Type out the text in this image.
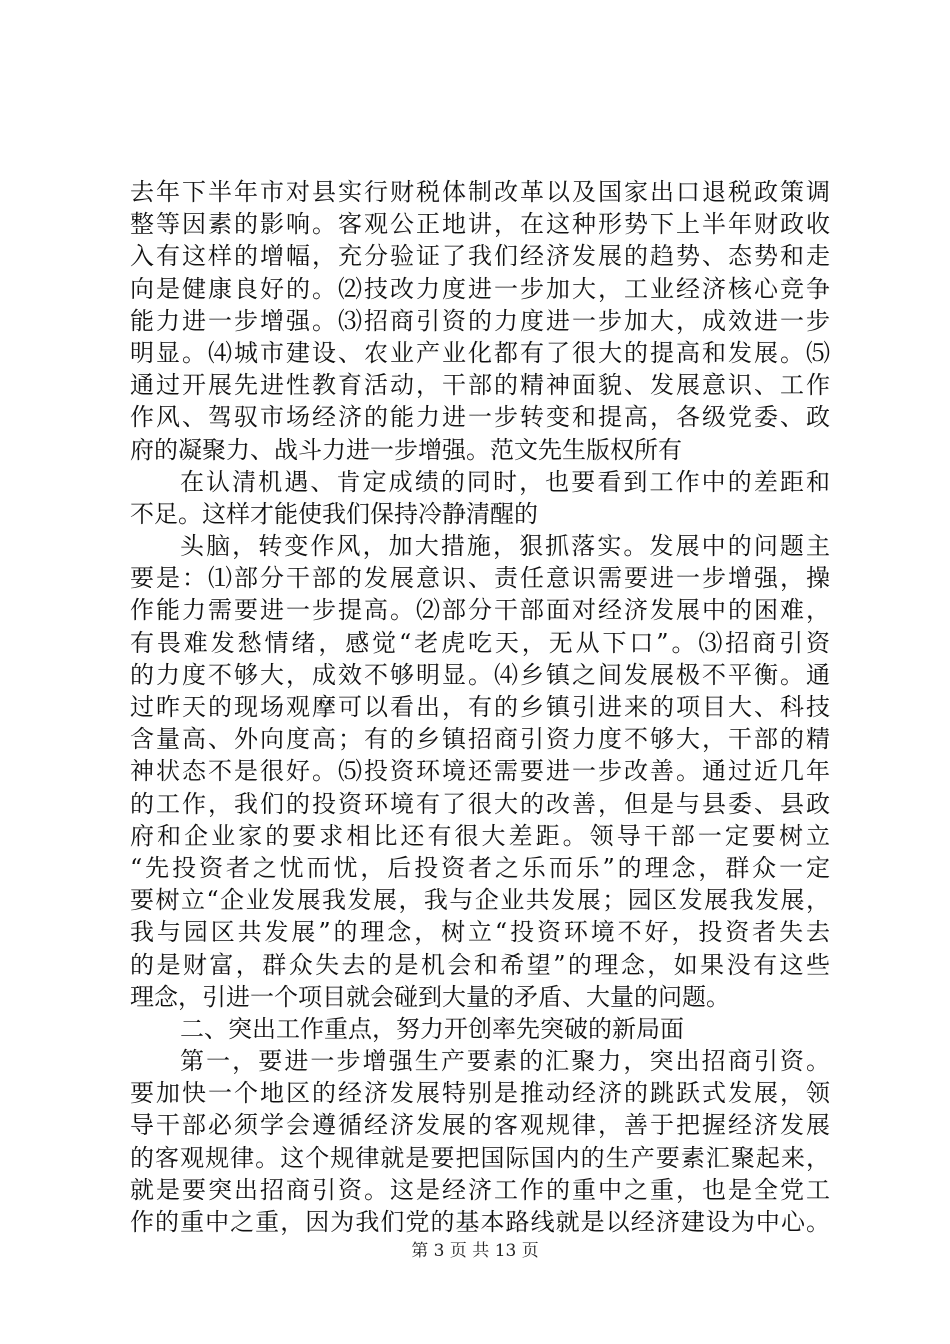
去年下半年市对县实行财税体制改革以及国家出口退税政策调
整等因素的影响。客观公正地讲，在这种形势下上半年财政收
入有这样的增幅，充分验证了我们经济发展的趋势、态势和走
向是健康良好的。⑵技改力度进一步加大，工业经济核心竞争
能力进一步增强。⑶招商引资的力度进一步加大，成效进一步
明显。⑷城市建设、农业产业化都有了很大的提高和发展。⑸
通过开展先进性教育活动，干部的精神面貌、发展意识、工作
作风、驾驭市场经济的能力进一步转变和提高，各级党委、政
府的凝聚力、战斗力进一步增强。范文先生版权所有
在认清机遇、肯定成绩的同时，也要看到工作中的差距和
不足。这样才能使我们保持冷静清醒的
头脑，转变作风，加大措施，狠抓落实。发展中的问题主
要是：⑴部分干部的发展意识、责任意识需要进一步增强，操
作能力需要进一步提高。⑵部分干部面对经济发展中的困难，
有畏难发愁情绪，感觉“老虎吃天，无从下口”。⑶招商引资
的力度不够大，成效不够明显。⑷乡镇之间发展极不平衡。通
过昨天的现场观摩可以看出，有的乡镇引进来的项目大、科技
含量高、外向度高；有的乡镇招商引资力度不够大，干部的精
神状态不是很好。⑸投资环境还需要进一步改善。通过近几年
的工作，我们的投资环境有了很大的改善，但是与县委、县政
府和企业家的要求相比还有很大差距。领导干部一定要树立
“先投资者之忧而忧，后投资者之乐而乐”的理念，群众一定
要树立“企业发展我发展，我与企业共发展；园区发展我发展，
我与园区共发展”的理念，树立“投资环境不好，投资者失去
的是财富，群众失去的是机会和希望”的理念，如果没有这些
理念，引进一个项目就会碰到大量的矛盾、大量的问题。
二、突出工作重点，努力开创率先突破的新局面
第一，要进一步增强生产要素的汇聚力，突出招商引资。
要加快一个地区的经济发展特别是推动经济的跳跃式发展，领
导干部必须学会遵循经济发展的客观规律，善于把握经济发展
的客观规律。这个规律就是要把国际国内的生产要素汇聚起来，
就是要突出招商引资。这是经济工作的重中之重，也是全党工
作的重中之重，因为我们党的基本路线就是以经济建设为中心。
第 3 页 共 13 页
